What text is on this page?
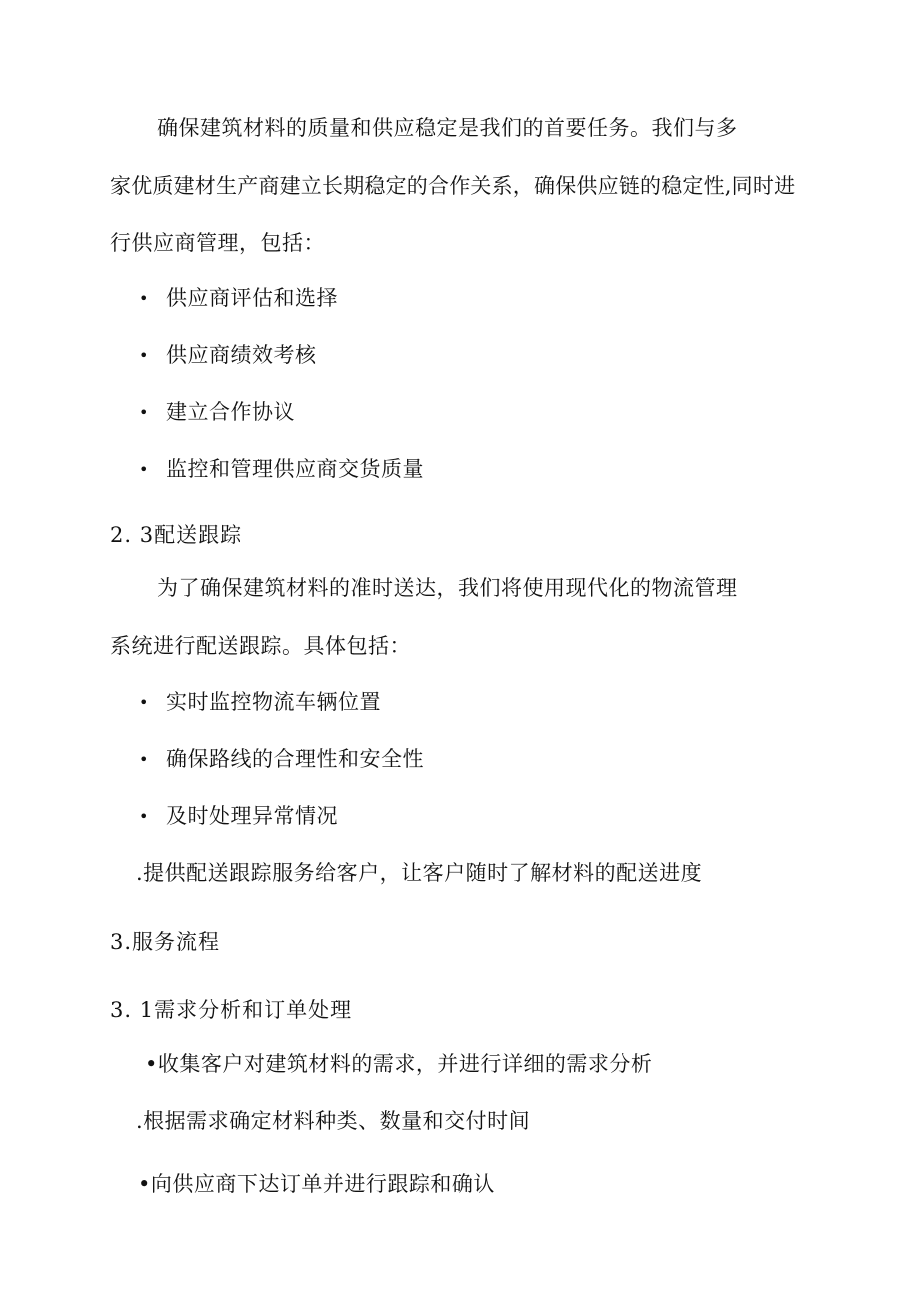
确保建筑材料的质量和供应稳定是我们的首要任务。我们与多
家优质建材生产商建立长期稳定的合作关系，确保供应链的稳定性,同时进
行供应商管理，包括：
• 供应商评估和选择
• 供应商绩效考核
• 建立合作协议
• 监控和管理供应商交货质量
2. 3配送跟踪
为了确保建筑材料的准时送达，我们将使用现代化的物流管理
系统进行配送跟踪。具体包括：
• 实时监控物流车辆位置
• 确保路线的合理性和安全性
• 及时处理异常情况
.提供配送跟踪服务给客户，让客户随时了解材料的配送进度
3.服务流程
3. 1需求分析和订单处理
•收集客户对建筑材料的需求，并进行详细的需求分析
.根据需求确定材料种类、数量和交付时间
•向供应商下达订单并进行跟踪和确认
